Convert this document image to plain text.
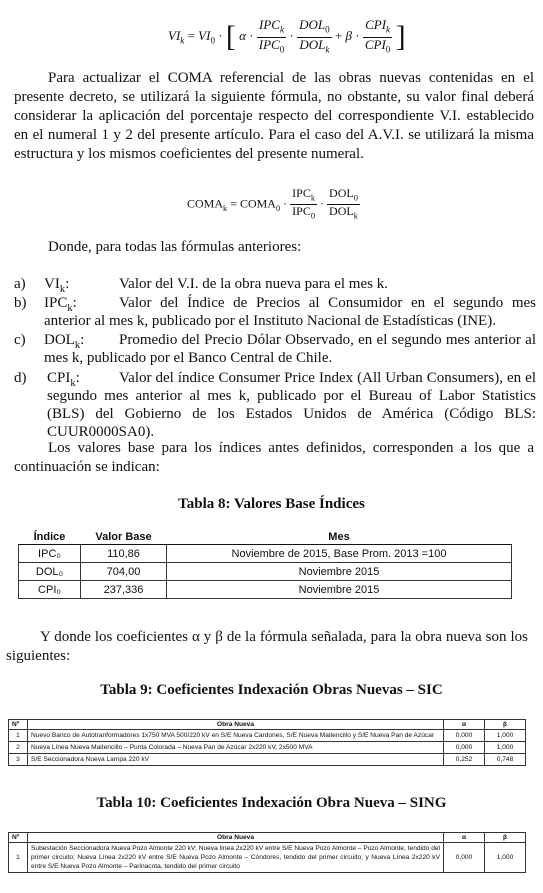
$VI_k = VI_0$ · [ $\alpha \cdot \frac{IPC_k}{IPC_0} \cdot \frac{DOL_0}{DOL_k} + \beta \cdot \frac{CPI_k}{CPI_0}$ ]
Para actualizar el COMA referencial de las obras nuevas contenidas en el presente decreto, se utilizará la siguiente fórmula, no obstante, su valor final deberá considerar la aplicación del porcentaje respecto del correspondiente V.I. establecido en el numeral 1 y 2 del presente artículo. Para el caso del A.V.I. se utilizará la misma estructura y los mismos coeficientes del presente numeral.
$COMA_k$ = $COMA_0 \cdot \frac{IPC_k}{IPC_0} \cdot \frac{DOL_0}{DOL_k}$
Donde, para todas las fórmulas anteriores:
a) $VI_k$:	Valor del V.I. de la obra nueva para el mes k.
b) $IPC_k$:	Valor del Índice de Precios al Consumidor en el segundo mes anterior al mes k, publicado por el Instituto Nacional de Estadísticas (INE).
c) $DOL_k$:	Promedio del Precio Dólar Observado, en el segundo mes anterior al mes k, publicado por el Banco Central de Chile.
d) $CPI_k$:	Valor del índice Consumer Price Index (All Urban Consumers), en el segundo mes anterior al mes k, publicado por el Bureau of Labor Statistics (BLS) del Gobierno de los Estados Unidos de América (Código BLS: CUUR0000SA0).
Los valores base para los índices antes definidos, corresponden a los que a continuación se indican:
Tabla 8: Valores Base Índices
Índice	Valor Base	Mes
IPC₀	110,86	Noviembre de 2015, Base Prom. 2013 =100
DOL₀	704,00	Noviembre 2015
CPI₀	237,336	Noviembre 2015
Y donde los coeficientes α y β de la fórmula señalada, para la obra nueva son los siguientes:
Tabla 9: Coeficientes Indexación Obras Nuevas – SIC
Nº	Obra Nueva	α	β
1	Nuevo Banco de Autotranformadores 1x750 MVA 500/220 kV en S/E Nueva Cardones, S/E Nueva Maitencillo y S/E Nueva Pan de Azúcar	0,000	1,000
2	Nueva Línea Nueva Maitencillo – Punta Colorada – Nueva Pan de Azúcar 2x220 kV, 2x500 MVA	0,000	1,000
3	S/E Seccionadora Nueva Lampa 220 kV	0,252	0,748
Tabla 10: Coeficientes Indexación Obra Nueva – SING
Nº	Obra Nueva	α	β
1	Subestación Seccionadora Nueva Pozo Almonte 220 kV; Nueva línea 2x220 kV entre S/E Nueva Pozo Almonte – Pozo Almonte, tendido del primer circuito; Nueva Línea 2x220 kV entre S/E Nueva Pozo Almonte – Cóndores, tendido del primer circuito; y Nueva Línea 2x220 kV entre S/E Nueva Pozo Almonte – Parinacota, tendido del primer circuito	0,000	1,000
